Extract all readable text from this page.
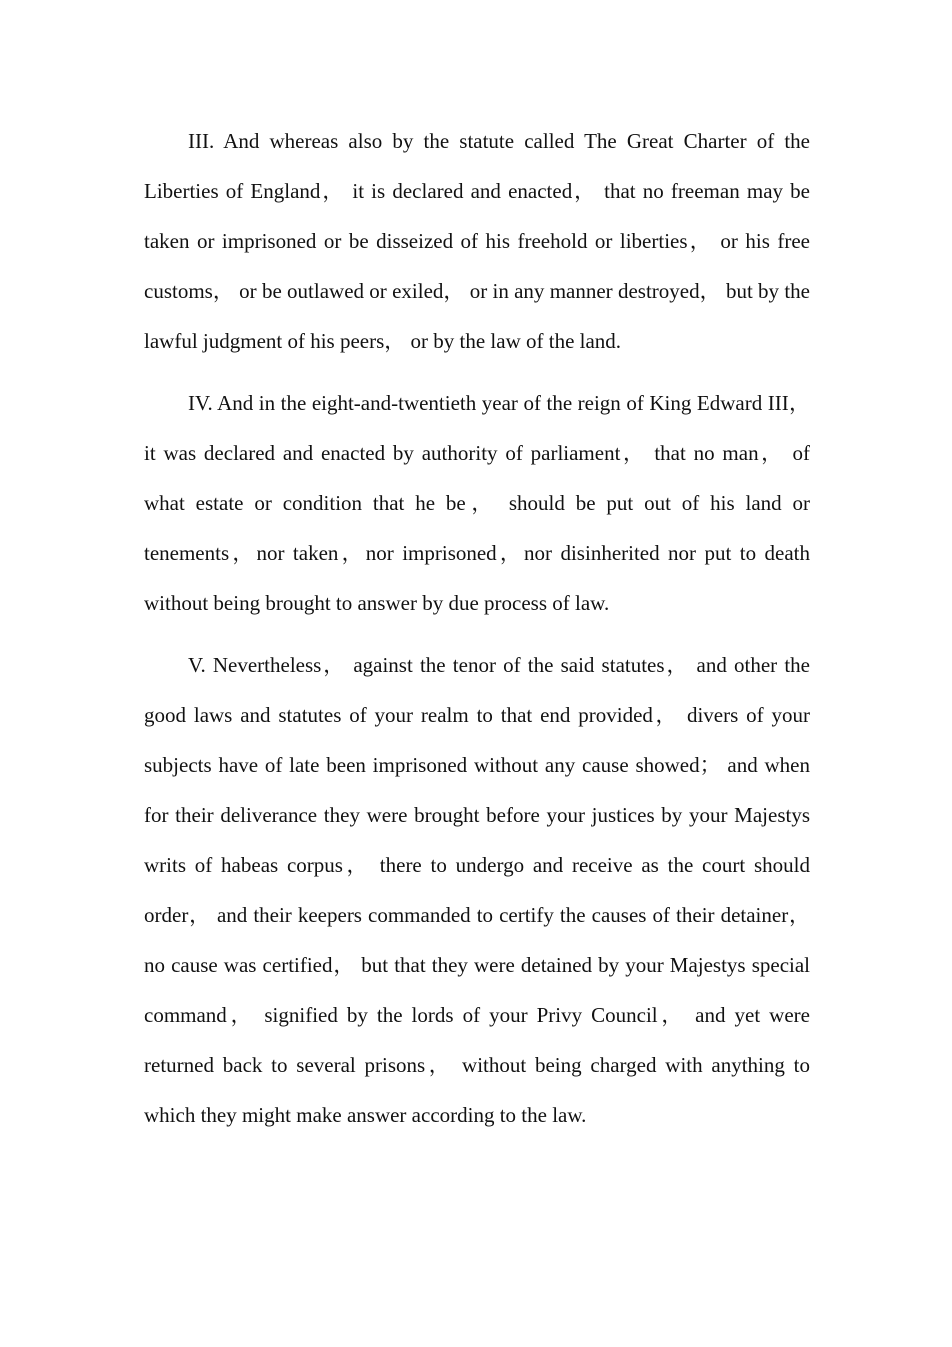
III. And whereas also by the statute called The Great Charter of the Liberties of England， it is declared and enacted， that no freeman may be taken or imprisoned or be disseized of his freehold or liberties， or his free customs， or be outlawed or exiled， or in any manner destroyed， but by the lawful judgment of his peers， or by the law of the land.

IV. And in the eight-and-twentieth year of the reign of King Edward III， it was declared and enacted by authority of parliament， that no man， of what estate or condition that he be， should be put out of his land or tenements，nor taken，nor imprisoned，nor disinherited nor put to death without being brought to answer by due process of law.

V. Nevertheless， against the tenor of the said statutes， and other the good laws and statutes of your realm to that end provided， divers of your subjects have of late been imprisoned without any cause showed； and when for their deliverance they were brought before your justices by your Majestys writs of habeas corpus， there to undergo and receive as the court should order， and their keepers commanded to certify the causes of their detainer， no cause was certified， but that they were detained by your Majestys special command， signified by the lords of your Privy Council， and yet were returned back to several prisons， without being charged with anything to which they might make answer according to the law.
